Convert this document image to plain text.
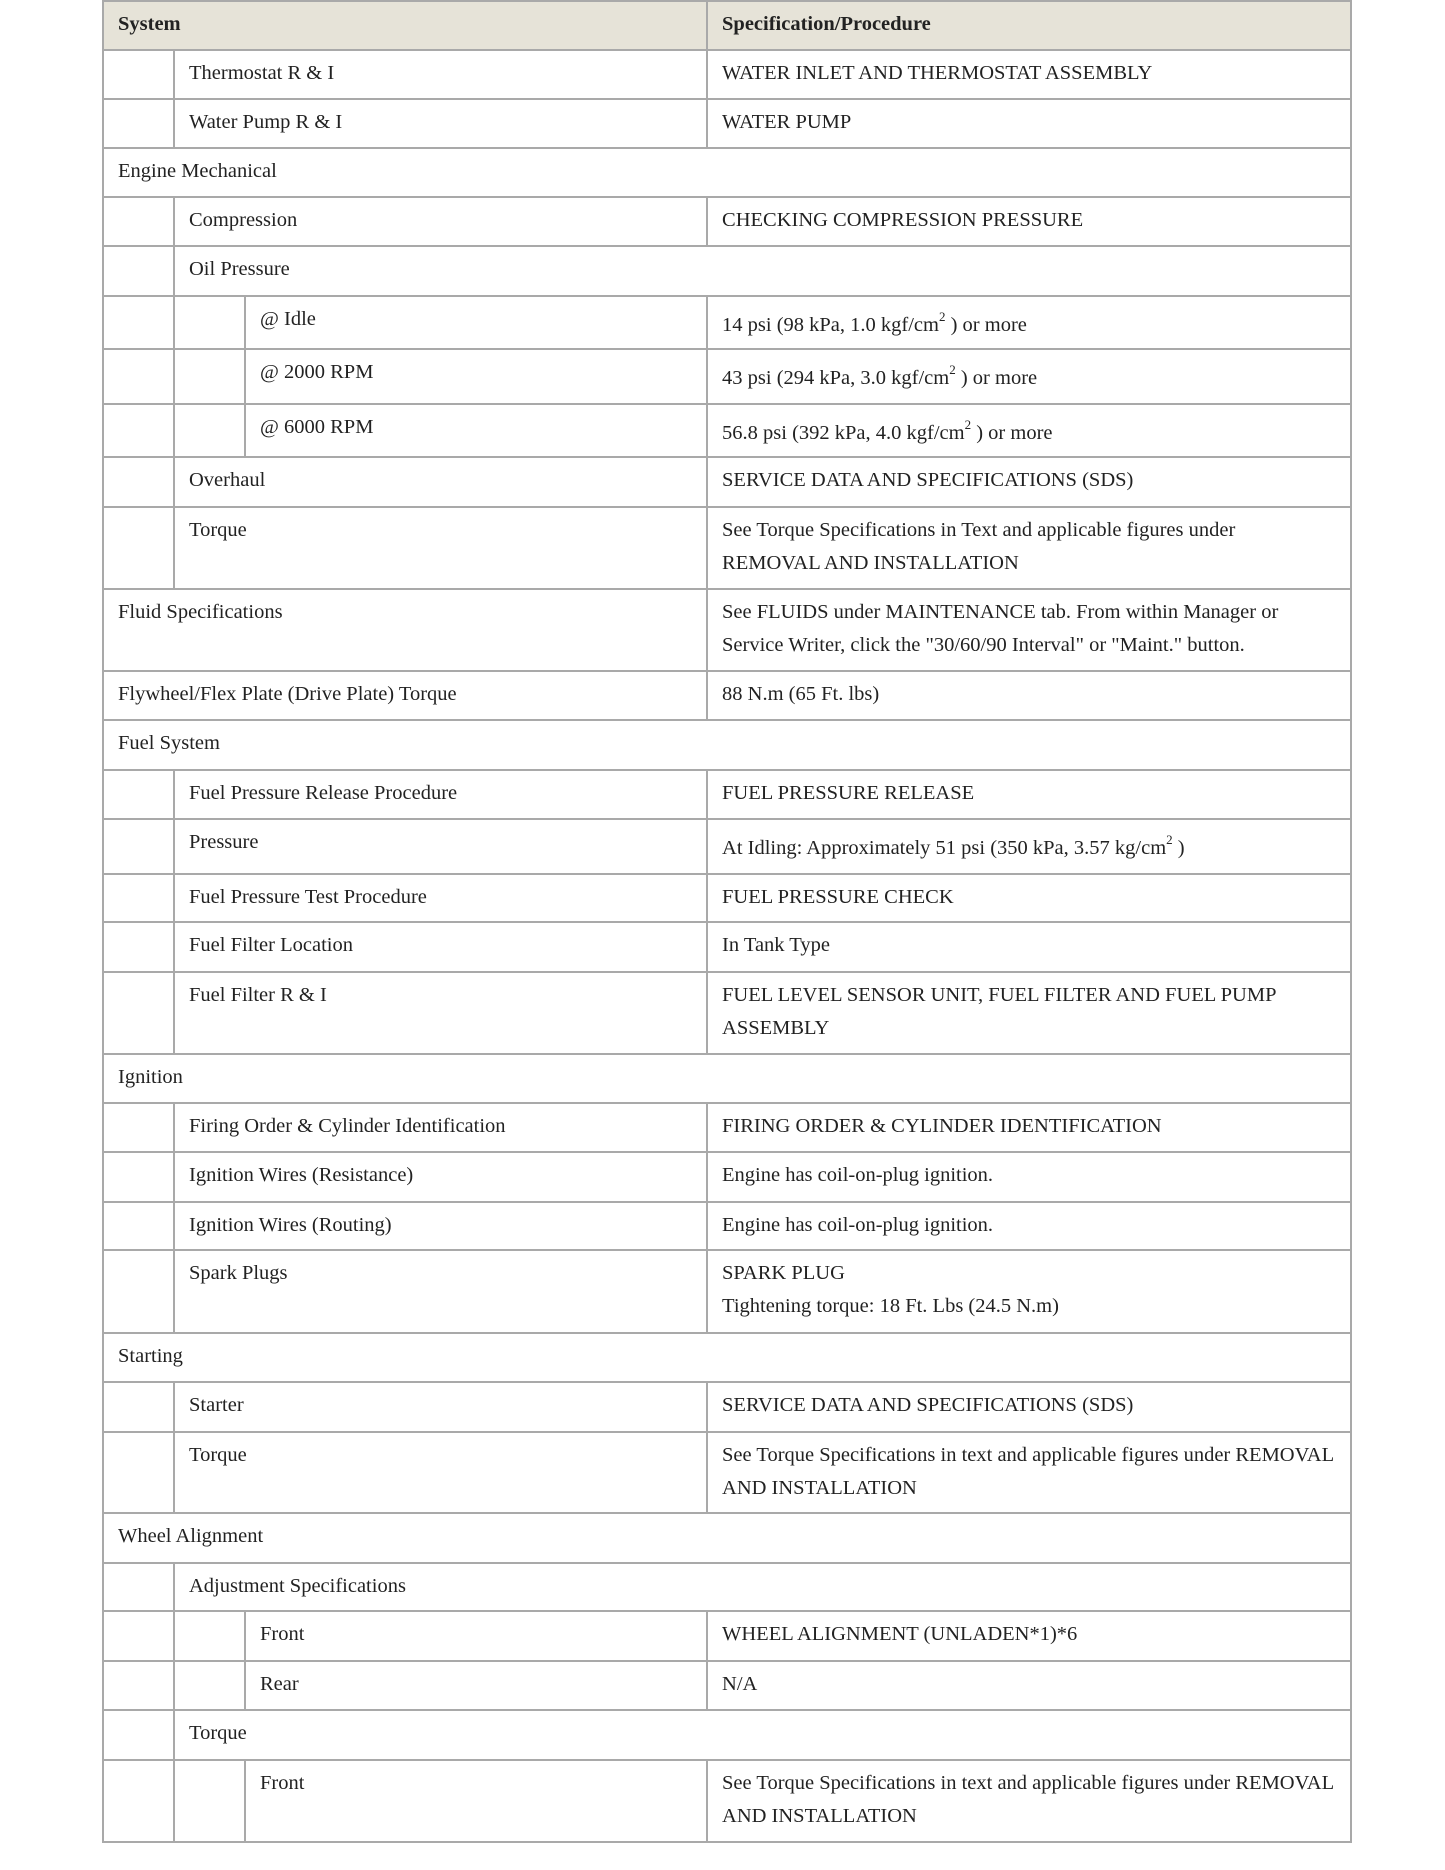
System			Specification/Procedure
	Thermostat R & I		WATER INLET AND THERMOSTAT ASSEMBLY
	Water Pump R & I		WATER PUMP
Engine Mechanical			
	Compression		CHECKING COMPRESSION PRESSURE
	Oil Pressure		
		@ Idle	14 psi (98 kPa, 1.0 kgf/$cm^2$ ) or more
		@ 2000 RPM	43 psi (294 kPa, 3.0 kgf/$cm^2$ ) or more
		@ 6000 RPM	56.8 psi (392 kPa, 4.0 kgf/$cm^2$ ) or more
	Overhaul		SERVICE DATA AND SPECIFICATIONS (SDS)
	Torque		See Torque Specifications in Text and applicable figures under REMOVAL AND INSTALLATION
Fluid Specifications			See FLUIDS under MAINTENANCE tab. From within Manager or Service Writer, click the "30/60/90 Interval" or "Maint." button.
Flywheel/Flex Plate (Drive Plate) Torque			88 N.m (65 Ft. lbs)
Fuel System			
	Fuel Pressure Release Procedure		FUEL PRESSURE RELEASE
	Pressure		At Idling: Approximately 51 psi (350 kPa, 3.57 $kg/cm^2$ )
	Fuel Pressure Test Procedure		FUEL PRESSURE CHECK
	Fuel Filter Location		In Tank Type
	Fuel Filter R & I		FUEL LEVEL SENSOR UNIT, FUEL FILTER AND FUEL PUMP ASSEMBLY
Ignition			
	Firing Order & Cylinder Identification		FIRING ORDER & CYLINDER IDENTIFICATION
	Ignition Wires (Resistance)		Engine has coil-on-plug ignition.
	Ignition Wires (Routing)		Engine has coil-on-plug ignition.
	Spark Plugs		SPARK PLUG
Tightening torque: 18 Ft. Lbs (24.5 N.m)

Starting			
	Starter		SERVICE DATA AND SPECIFICATIONS (SDS)
	Torque		See Torque Specifications in text and applicable figures under REMOVAL AND INSTALLATION
Wheel Alignment			
	Adjustment Specifications		
		Front	WHEEL ALIGNMENT (UNLADEN*1)*6
		Rear	N/A
	Torque		
		Front	See Torque Specifications in text and applicable figures under REMOVAL AND INSTALLATION
